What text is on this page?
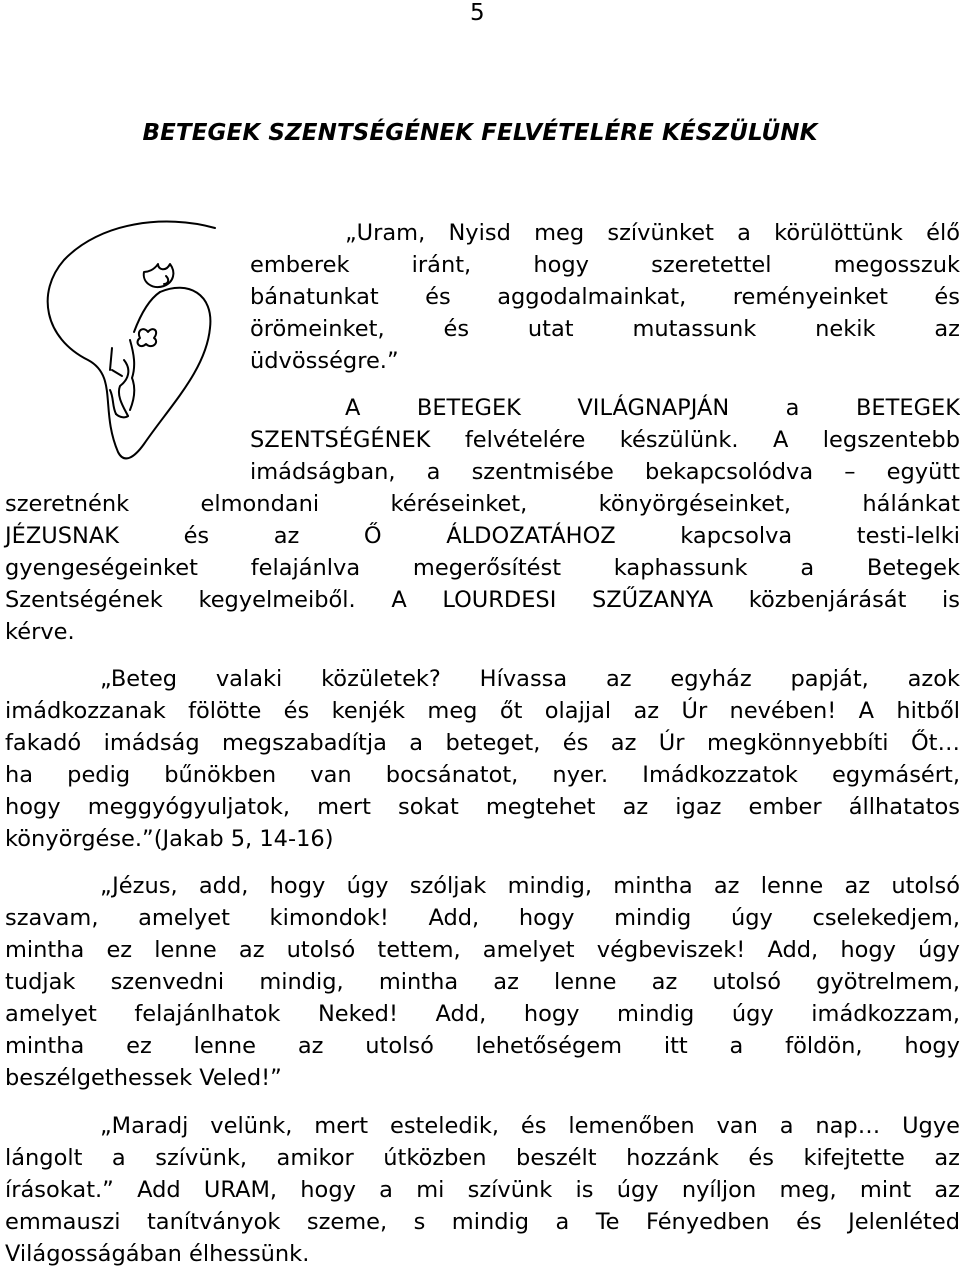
5
BETEGEK SZENTSÉGÉNEK FELVÉTELÉRE KÉSZÜLÜNK
„Uram, Nyisd meg szívünket a körülöttünk élő
emberek iránt, hogy szeretettel megosszuk
bánatunkat és aggodalmainkat, reményeinket és
örömeinket, és utat mutassunk nekik az
üdvösségre.”
A BETEGEK VILÁGNAPJÁN a BETEGEK
SZENTSÉGÉNEK felvételére készülünk. A legszentebb
imádságban, a szentmisébe bekapcsolódva – együtt
szeretnénk elmondani kéréseinket, könyörgéseinket, hálánkat
JÉZUSNAK és az Ő ÁLDOZATÁHOZ kapcsolva testi-lelki
gyengeségeinket felajánlva megerősítést kaphassunk a Betegek
Szentségének kegyelmeiből. A LOURDESI SZŰZANYA közbenjárását is
kérve.
„Beteg valaki közületek? Hívassa az egyház papját, azok
imádkozzanak fölötte és kenjék meg őt olajjal az Úr nevében! A hitből
fakadó imádság megszabadítja a beteget, és az Úr megkönnyebbíti Őt…
ha pedig bűnökben van bocsánatot, nyer. Imádkozzatok egymásért,
hogy meggyógyuljatok, mert sokat megtehet az igaz ember állhatatos
könyörgése.”(Jakab 5, 14-16)
„Jézus, add, hogy úgy szóljak mindig, mintha az lenne az utolsó
szavam, amelyet kimondok! Add, hogy mindig úgy cselekedjem,
mintha ez lenne az utolsó tettem, amelyet végbeviszek! Add, hogy úgy
tudjak szenvedni mindig, mintha az lenne az utolsó gyötrelmem,
amelyet felajánlhatok Neked! Add, hogy mindig úgy imádkozzam,
mintha ez lenne az utolsó lehetőségem itt a földön, hogy
beszélgethessek Veled!”
„Maradj velünk, mert esteledik, és lemenőben van a nap… Ugye
lángolt a szívünk, amikor útközben beszélt hozzánk és kifejtette az
írásokat.” Add URAM, hogy a mi szívünk is úgy nyíljon meg, mint az
emmauszi tanítványok szeme, s mindig a Te Fényedben és Jelenléted
Világosságában élhessünk.
